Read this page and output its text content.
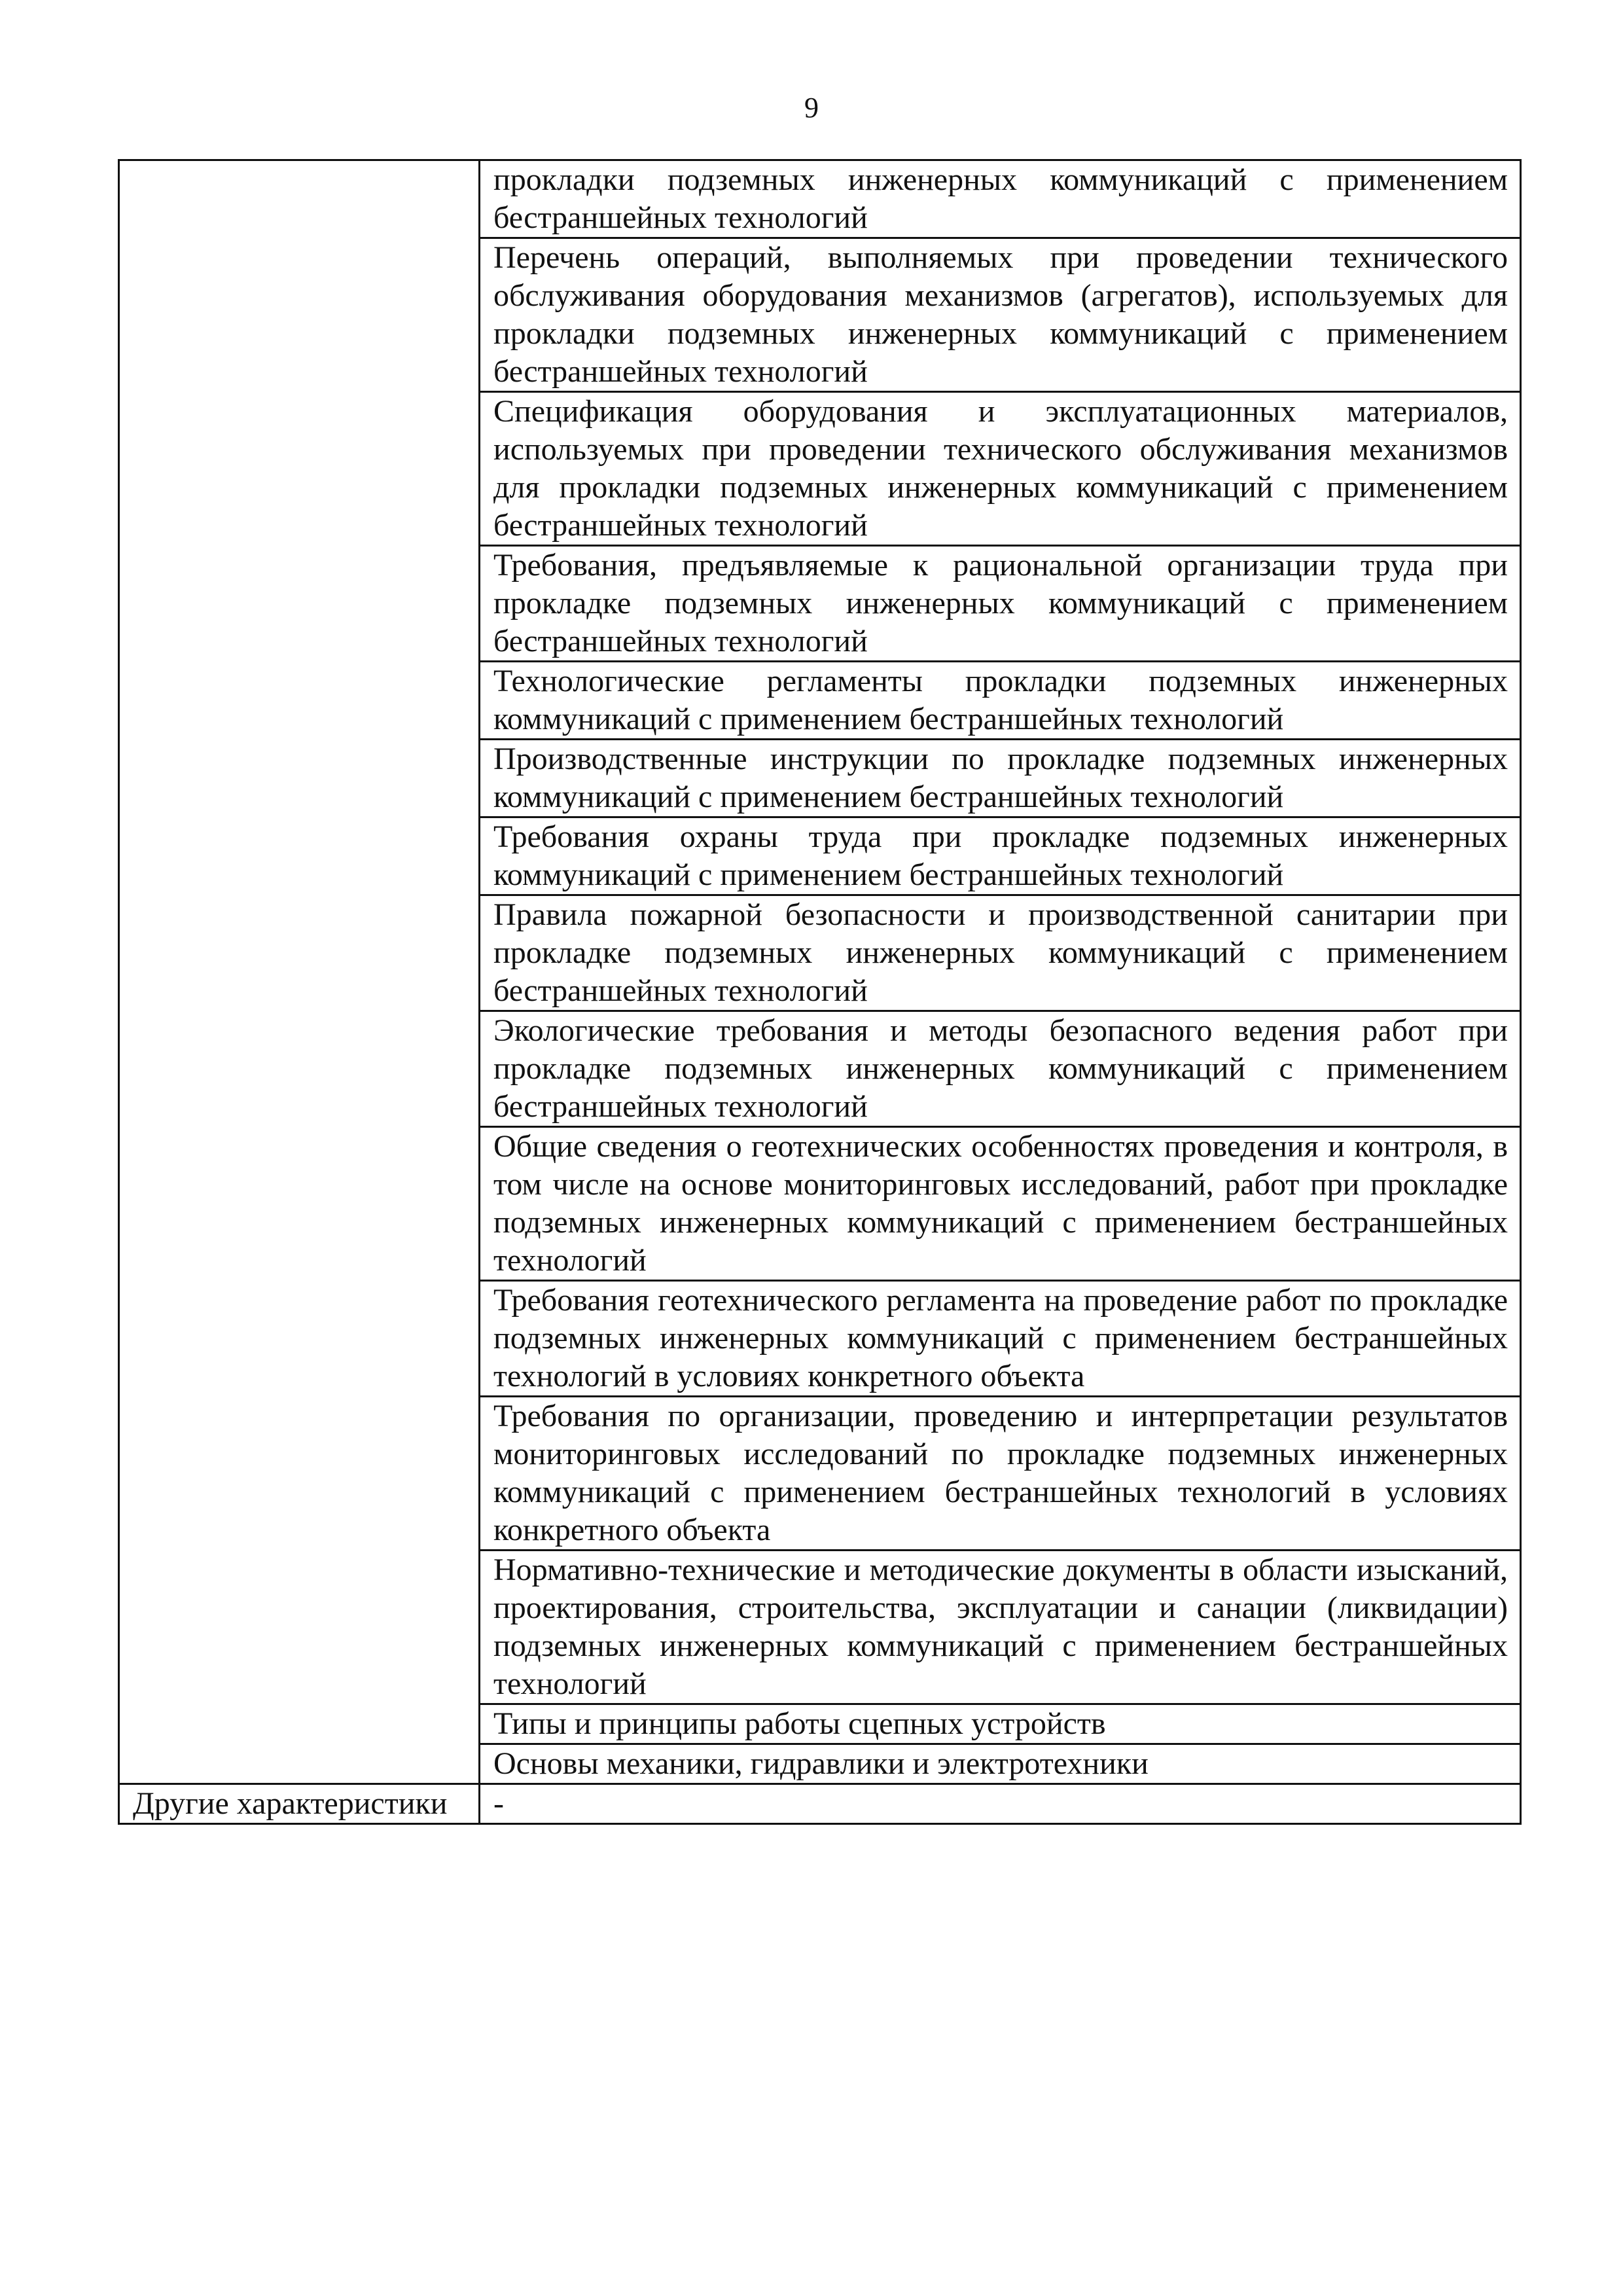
9
	прокладки подземных инженерных коммуникаций с применением бестраншейных технологий
	Перечень операций, выполняемых при проведении технического обслуживания оборудования механизмов (агрегатов), используемых для прокладки подземных инженерных коммуникаций с применением бестраншейных технологий
	Спецификация оборудования и эксплуатационных материалов, используемых при проведении технического обслуживания механизмов для прокладки подземных инженерных коммуникаций с применением бестраншейных технологий
	Требования, предъявляемые к рациональной организации труда при прокладке подземных инженерных коммуникаций с применением бестраншейных технологий
	Технологические регламенты прокладки подземных инженерных коммуникаций с применением бестраншейных технологий
	Производственные инструкции по прокладке подземных инженерных коммуникаций с применением бестраншейных технологий
	Требования охраны труда при прокладке подземных инженерных коммуникаций с применением бестраншейных технологий
	Правила пожарной безопасности и производственной санитарии при прокладке подземных инженерных коммуникаций с применением бестраншейных технологий
	Экологические требования и методы безопасного ведения работ при прокладке подземных инженерных коммуникаций с применением бестраншейных технологий
	Общие сведения о геотехнических особенностях проведения и контроля, в том числе на основе мониторинговых исследований, работ при прокладке подземных инженерных коммуникаций с применением бестраншейных технологий
	Требования геотехнического регламента на проведение работ по прокладке подземных инженерных коммуникаций с применением бестраншейных технологий в условиях конкретного объекта
	Требования по организации, проведению и интерпретации результатов мониторинговых исследований по прокладке подземных инженерных коммуникаций с применением бестраншейных технологий в условиях конкретного объекта
	Нормативно-технические и методические документы в области изысканий, проектирования, строительства, эксплуатации и санации (ликвидации) подземных инженерных коммуникаций с применением бестраншейных технологий
	Типы и принципы работы сцепных устройств
	Основы механики, гидравлики и электротехники
Другие характеристики	-
